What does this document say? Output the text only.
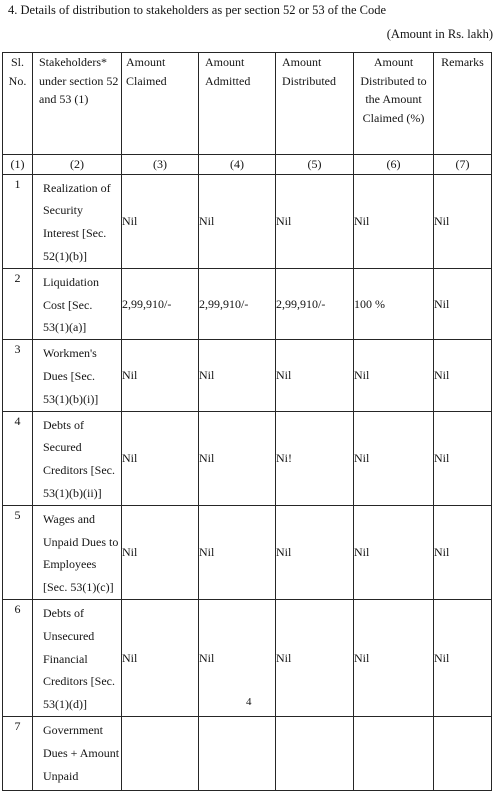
4. Details of distribution to stakeholders as per section 52 or 53 of the Code
(Amount in Rs. lakh)
Sl. No.	Stakeholders* under section 52 and 53 (1)	Amount Claimed	Amount Admitted	Amount Distributed	Amount Distributed to the Amount Claimed (%)	Remarks
(1)	(2)	(3)	(4)	(5)	(6)	(7)
1	Realization of Security Interest [Sec. 52(1)(b)]	Nil	Nil	Nil	Nil	Nil
2	Liquidation Cost [Sec. 53(1)(a)]	2,99,910/-	2,99,910/-	2,99,910/-	100 %	Nil
3	Workmen's Dues [Sec. 53(1)(b)(i)]	Nil	Nil	Nil	Nil	Nil
4	Debts of Secured Creditors [Sec. 53(1)(b)(ii)]	Nil	Nil	Ni!	Nil	Nil
5	Wages and Unpaid Dues to Employees [Sec. 53(1)(c)]	Nil	Nil	Nil	Nil	Nil
6	Debts of Unsecured Financial Creditors [Sec. 53(1)(d)]	Nil	Nil	Nil	Nil	Nil
7	Government Dues + Amount Unpaid					
4
